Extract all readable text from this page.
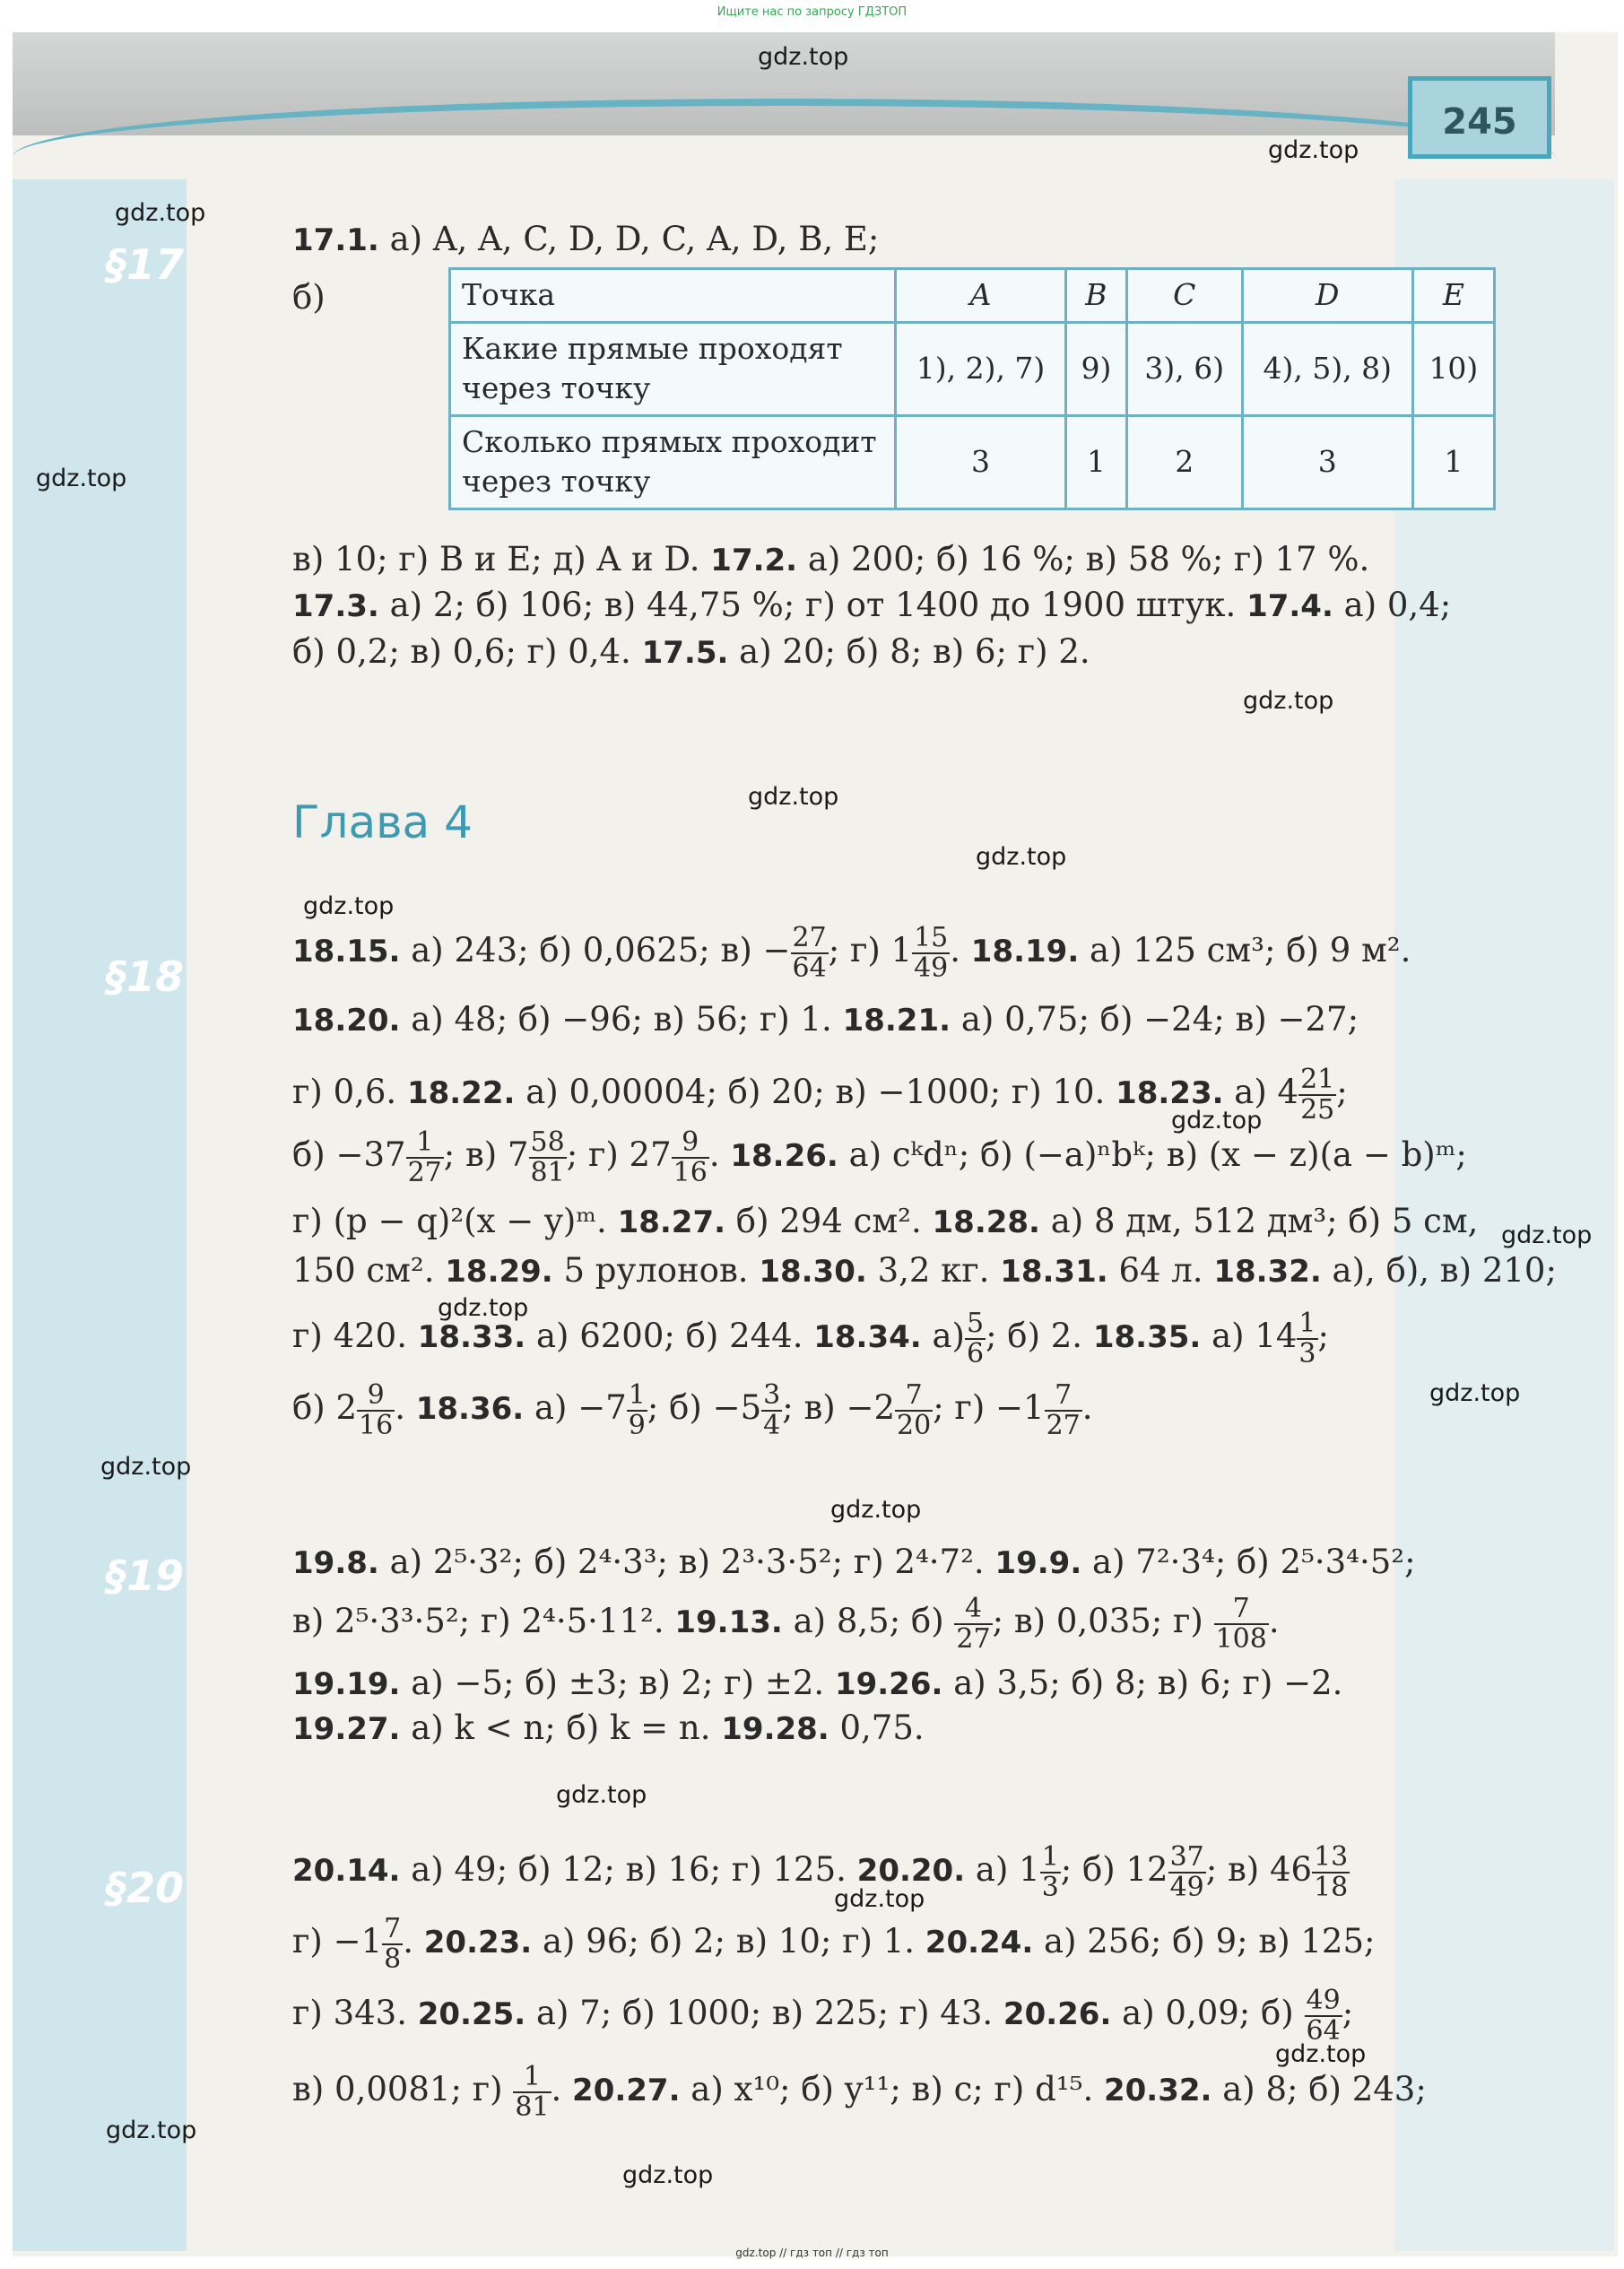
245
Ищите нас по запросу ГДЗТОП
gdz.top // гдз топ // гдз топ
gdz.top
gdz.top
gdz.top
gdz.top
gdz.top
gdz.top
gdz.top
gdz.top
gdz.top
gdz.top
gdz.top
gdz.top
gdz.top
gdz.top
gdz.top
gdz.top
gdz.top
gdz.top
gdz.top
§17
§18
§19
§20
Глава 4
17.1. а) A, A, C, D, D, C, A, D, B, E;
б)	Точка	A	B	C	D	E
Какие прямые проходят через точку	1), 2), 7)	9)	3), 6)	4), 5), 8)	10)
Сколько прямых проходит через точку	3	1	2	3	1
в) 10; г) B и E; д) A и D. 17.2. а) 200; б) 16 %; в) 58 %; г) 17 %.
17.3. а) 2; б) 106; в) 44,75 %; г) от 1400 до 1900 штук. 17.4. а) 0,4;
б) 0,2; в) 0,6; г) 0,4. 17.5. а) 20; б) 8; в) 6; г) 2.
18.15. а) 243; б) 0,0625; $в) - \frac{27}{64}$ ; г) $1 \frac{15}{49}$ . 18.19. а) 125 см³; б) 9 м².
18.20. а) 48; б) −96; в) 56; г) 1. 18.21. а) 0,75; б) −24; в) −27;
г) 0,6. 18.22. а) 0,00004; б) 20; в) −1000; г) 10. 18.23. а) $4 \frac{21}{25}$ ;
$б) -37 \frac{1}{27}$ ; в) $7 \frac{58}{81}$ ; г) $27 \frac{9}{16}$ . 18.26. а) cᵏdⁿ; б) (−a)ⁿbᵏ; в) (x − z)(a − b)ᵐ;
г) (p − q)²(x − y)ᵐ. 18.27. б) 294 см². 18.28. а) 8 дм, 512 дм³; б) 5 см,
150 см². 18.29. 5 рулонов. 18.30. 3,2 кг. 18.31. 64 л. 18.32. а), б), в) 210;
г) 420. 18.33. а) 6200; б) 244. 18.34. $а) \frac{5}{6}$ ; б) 2. 18.35. а) $14 \frac{1}{3}$ ;
б) $2 \frac{9}{16}$ . 18.36. $а) -7 \frac{1}{9}$ ; $б) -5 \frac{3}{4}$ ; $в) -2 \frac{7}{20}$ ; $г) -1 \frac{7}{27}$ .
19.8. а) 2⁵·3²; б) 2⁴·3³; в) 2³·3·5²; г) 2⁴·7². 19.9. а) 7²·3⁴; б) 2⁵·3⁴·5²;
в) 2⁵·3³·5²; г) 2⁴·5·11². 19.13. а) 8,5; $б) \frac{4}{27}$ ; в) 0,035; $г) \frac{7}{108}$ .
19.19. а) −5; б) ±3; в) 2; г) ±2. 19.26. а) 3,5; б) 8; в) 6; г) −2.
19.27. а) k < n; б) k = n. 19.28. 0,75.
20.14. а) 49; б) 12; в) 16; г) 125. 20.20. а) $1 \frac{1}{3}$ ; б) $12 \frac{37}{49}$ ; в) $46 \frac{13}{18}$
$г) -1 \frac{7}{8}$ . 20.23. а) 96; б) 2; в) 10; г) 1. 20.24. а) 256; б) 9; в) 125;
г) 343. 20.25. а) 7; б) 1000; в) 225; г) 43. 20.26. а) 0,09; $б) \frac{49}{64}$ ;
в) 0,0081; $г) \frac{1}{81}$ . 20.27. а) x¹⁰; б) y¹¹; в) c; г) d¹⁵. 20.32. а) 8; б) 243;
